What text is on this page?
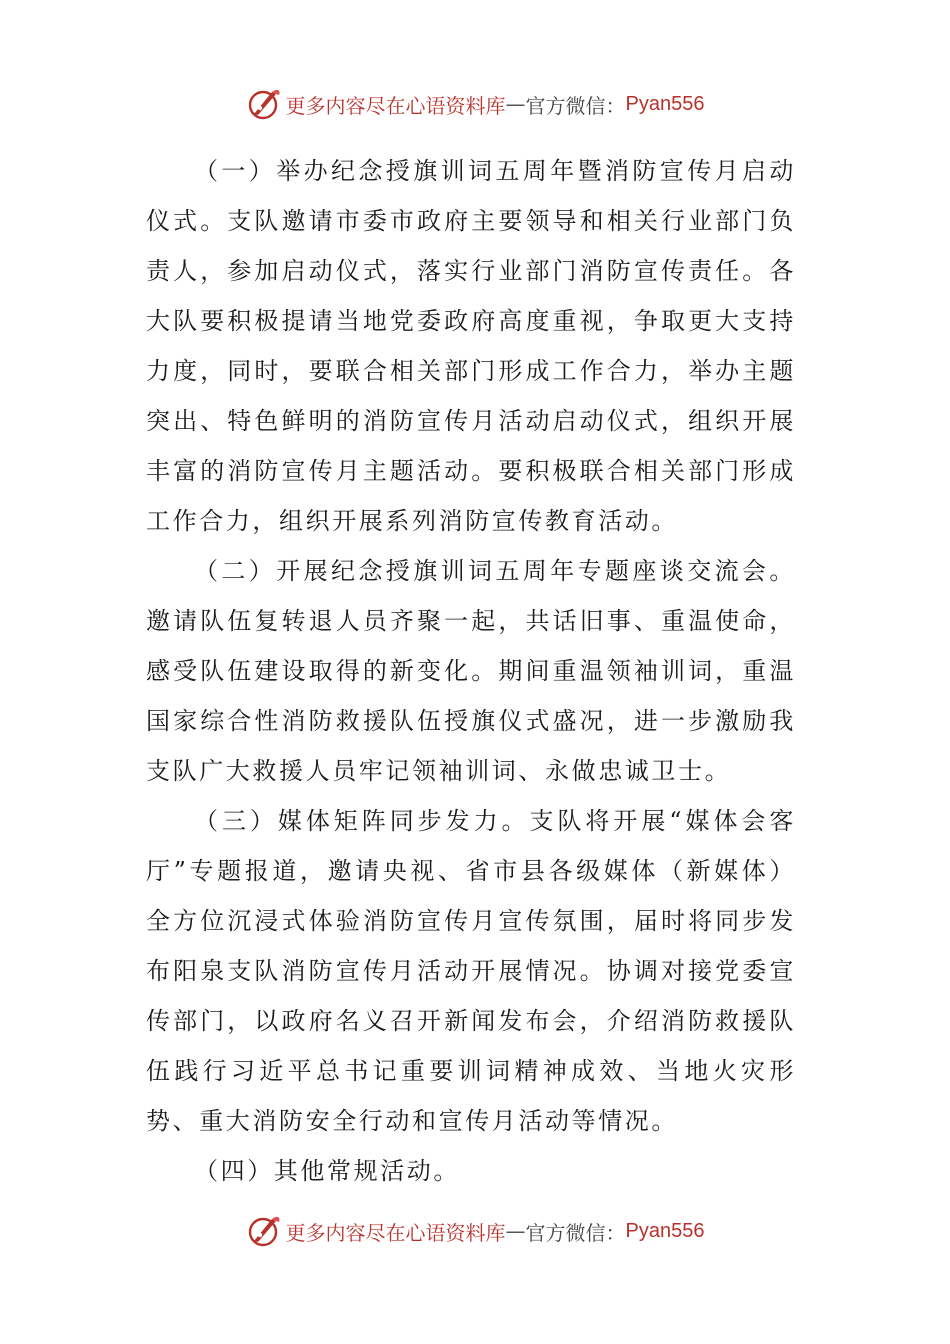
更多内容尽在心语资料库 — 官方微信： Pyan556

（一）举办纪念授旗训词五周年暨消防宣传月启动仪式。支队邀请市委市政府主要领导和相关行业部门负责人，参加启动仪式，落实行业部门消防宣传责任。各大队要积极提请当地党委政府高度重视，争取更大支持力度，同时，要联合相关部门形成工作合力，举办主题突出、特色鲜明的消防宣传月活动启动仪式，组织开展丰富的消防宣传月主题活动。要积极联合相关部门形成工作合力，组织开展系列消防宣传教育活动。

（二）开展纪念授旗训词五周年专题座谈交流会。邀请队伍复转退人员齐聚一起，共话旧事、重温使命，感受队伍建设取得的新变化。期间重温领袖训词，重温国家综合性消防救援队伍授旗仪式盛况，进一步激励我支队广大救援人员牢记领袖训词、永做忠诚卫士。

（三）媒体矩阵同步发力。支队将开展“媒体会客厅”专题报道，邀请央视、省市县各级媒体（新媒体）全方位沉浸式体验消防宣传月宣传氛围，届时将同步发布阳泉支队消防宣传月活动开展情况。协调对接党委宣传部门，以政府名义召开新闻发布会，介绍消防救援队伍践行习近平总书记重要训词精神成效、当地火灾形势、重大消防安全行动和宣传月活动等情况。

（四）其他常规活动。

更多内容尽在心语资料库 — 官方微信： Pyan556
